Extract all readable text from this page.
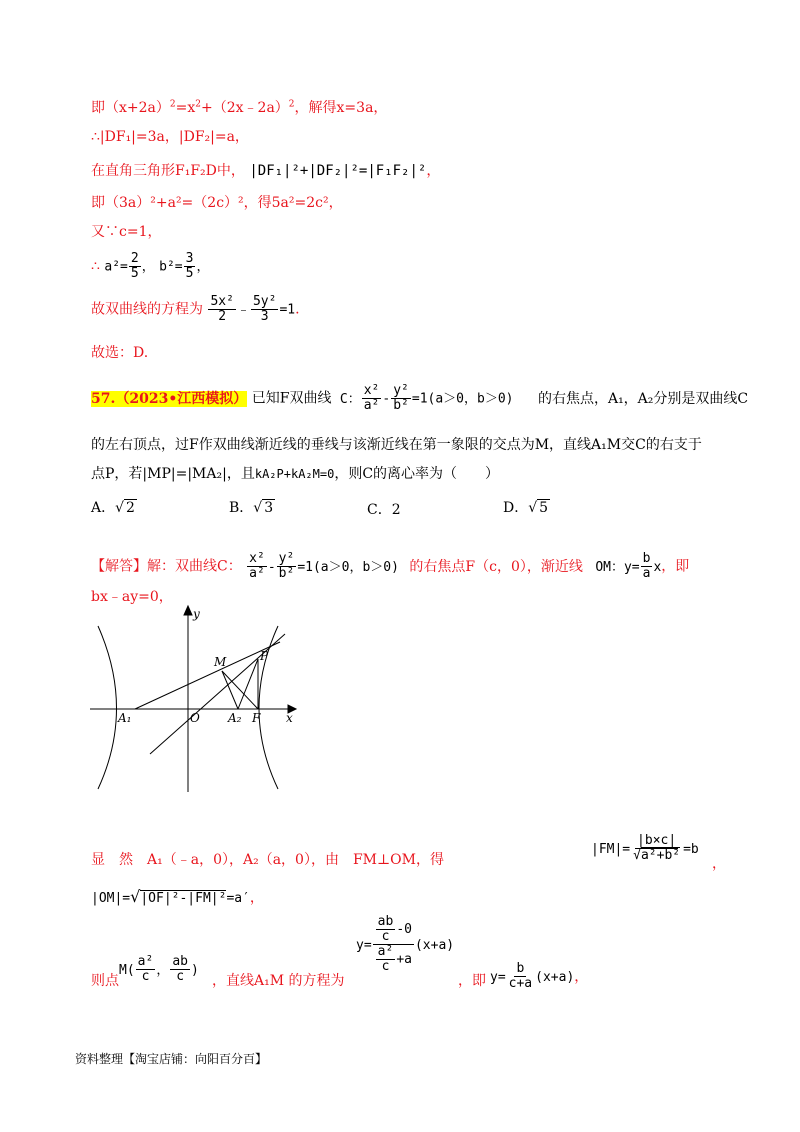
即$(x+2a)^2=x^2+(2x﹣2a)^2$，解得x=3a，
∴|DF₁|=3a，|DF₂|=a，
在直角三角形F₁F₂D中， |DF₁|²+|DF₂|²=|F₁F₂|²，
即（3a）²+a²=（2c）²，得5a²=2c²，
又∵c=1，
∴ $a^2= \frac{2}{5}$ ， $b^2= \frac{3}{5}$ ，
故双曲线的方程为 $\frac{\text{5x²}}{2}$ ﹣ $\frac{\text{5y²}}{3} =1$.
故选：D.
57.（2023•江西模拟） 已知F双曲线 C： $\frac{\text{x²}}{\text{a²}} - \frac{\text{y²}}{\text{b²}} =1(a>0$，b＞0) 的右焦点，A₁，A₂分别是双曲线C
的左右顶点，过F作双曲线渐近线的垂线与该渐近线在第一象限的交点为M，直线A₁M交C的右支于
点P，若|MP|=|MA₂|，且kA₂P+kA₂M=0，则C的离心率为（　　）
A．√ 2	B．√ 3	C．2	D．√ 5
【解答】解：双曲线C： $\frac{\text{x²}}{\text{a²}} - \frac{\text{y²}}{\text{b²}} =1(a>0$，b＞0) 的右焦点F（c，0），渐近线 OM：$y= \frac{b}{a}$ x，即
bx﹣ay=0，
y
x
O
A₁	A₂ F
M	P
显　然　A₁（﹣a，0），A₂（a，0），由　FM⊥OM，得
$|FM|= \frac{|b\times c|}{\text{√a²+b²}} =b$
，
|OM|=√|OF|²-|FM|²=a′，
则点
$M( \frac{\text{a²}}{c}$ ， $\frac{ab}{c}$ )
，直线A₁M 的方程为
$y= \frac{\frac{ab}{c} -0}{\frac{\text{a²}}{c} +a} (x+a)$
，即 $y= \frac{b}{c+a} (x+a)$，
资料整理【淘宝店铺：向阳百分百】
